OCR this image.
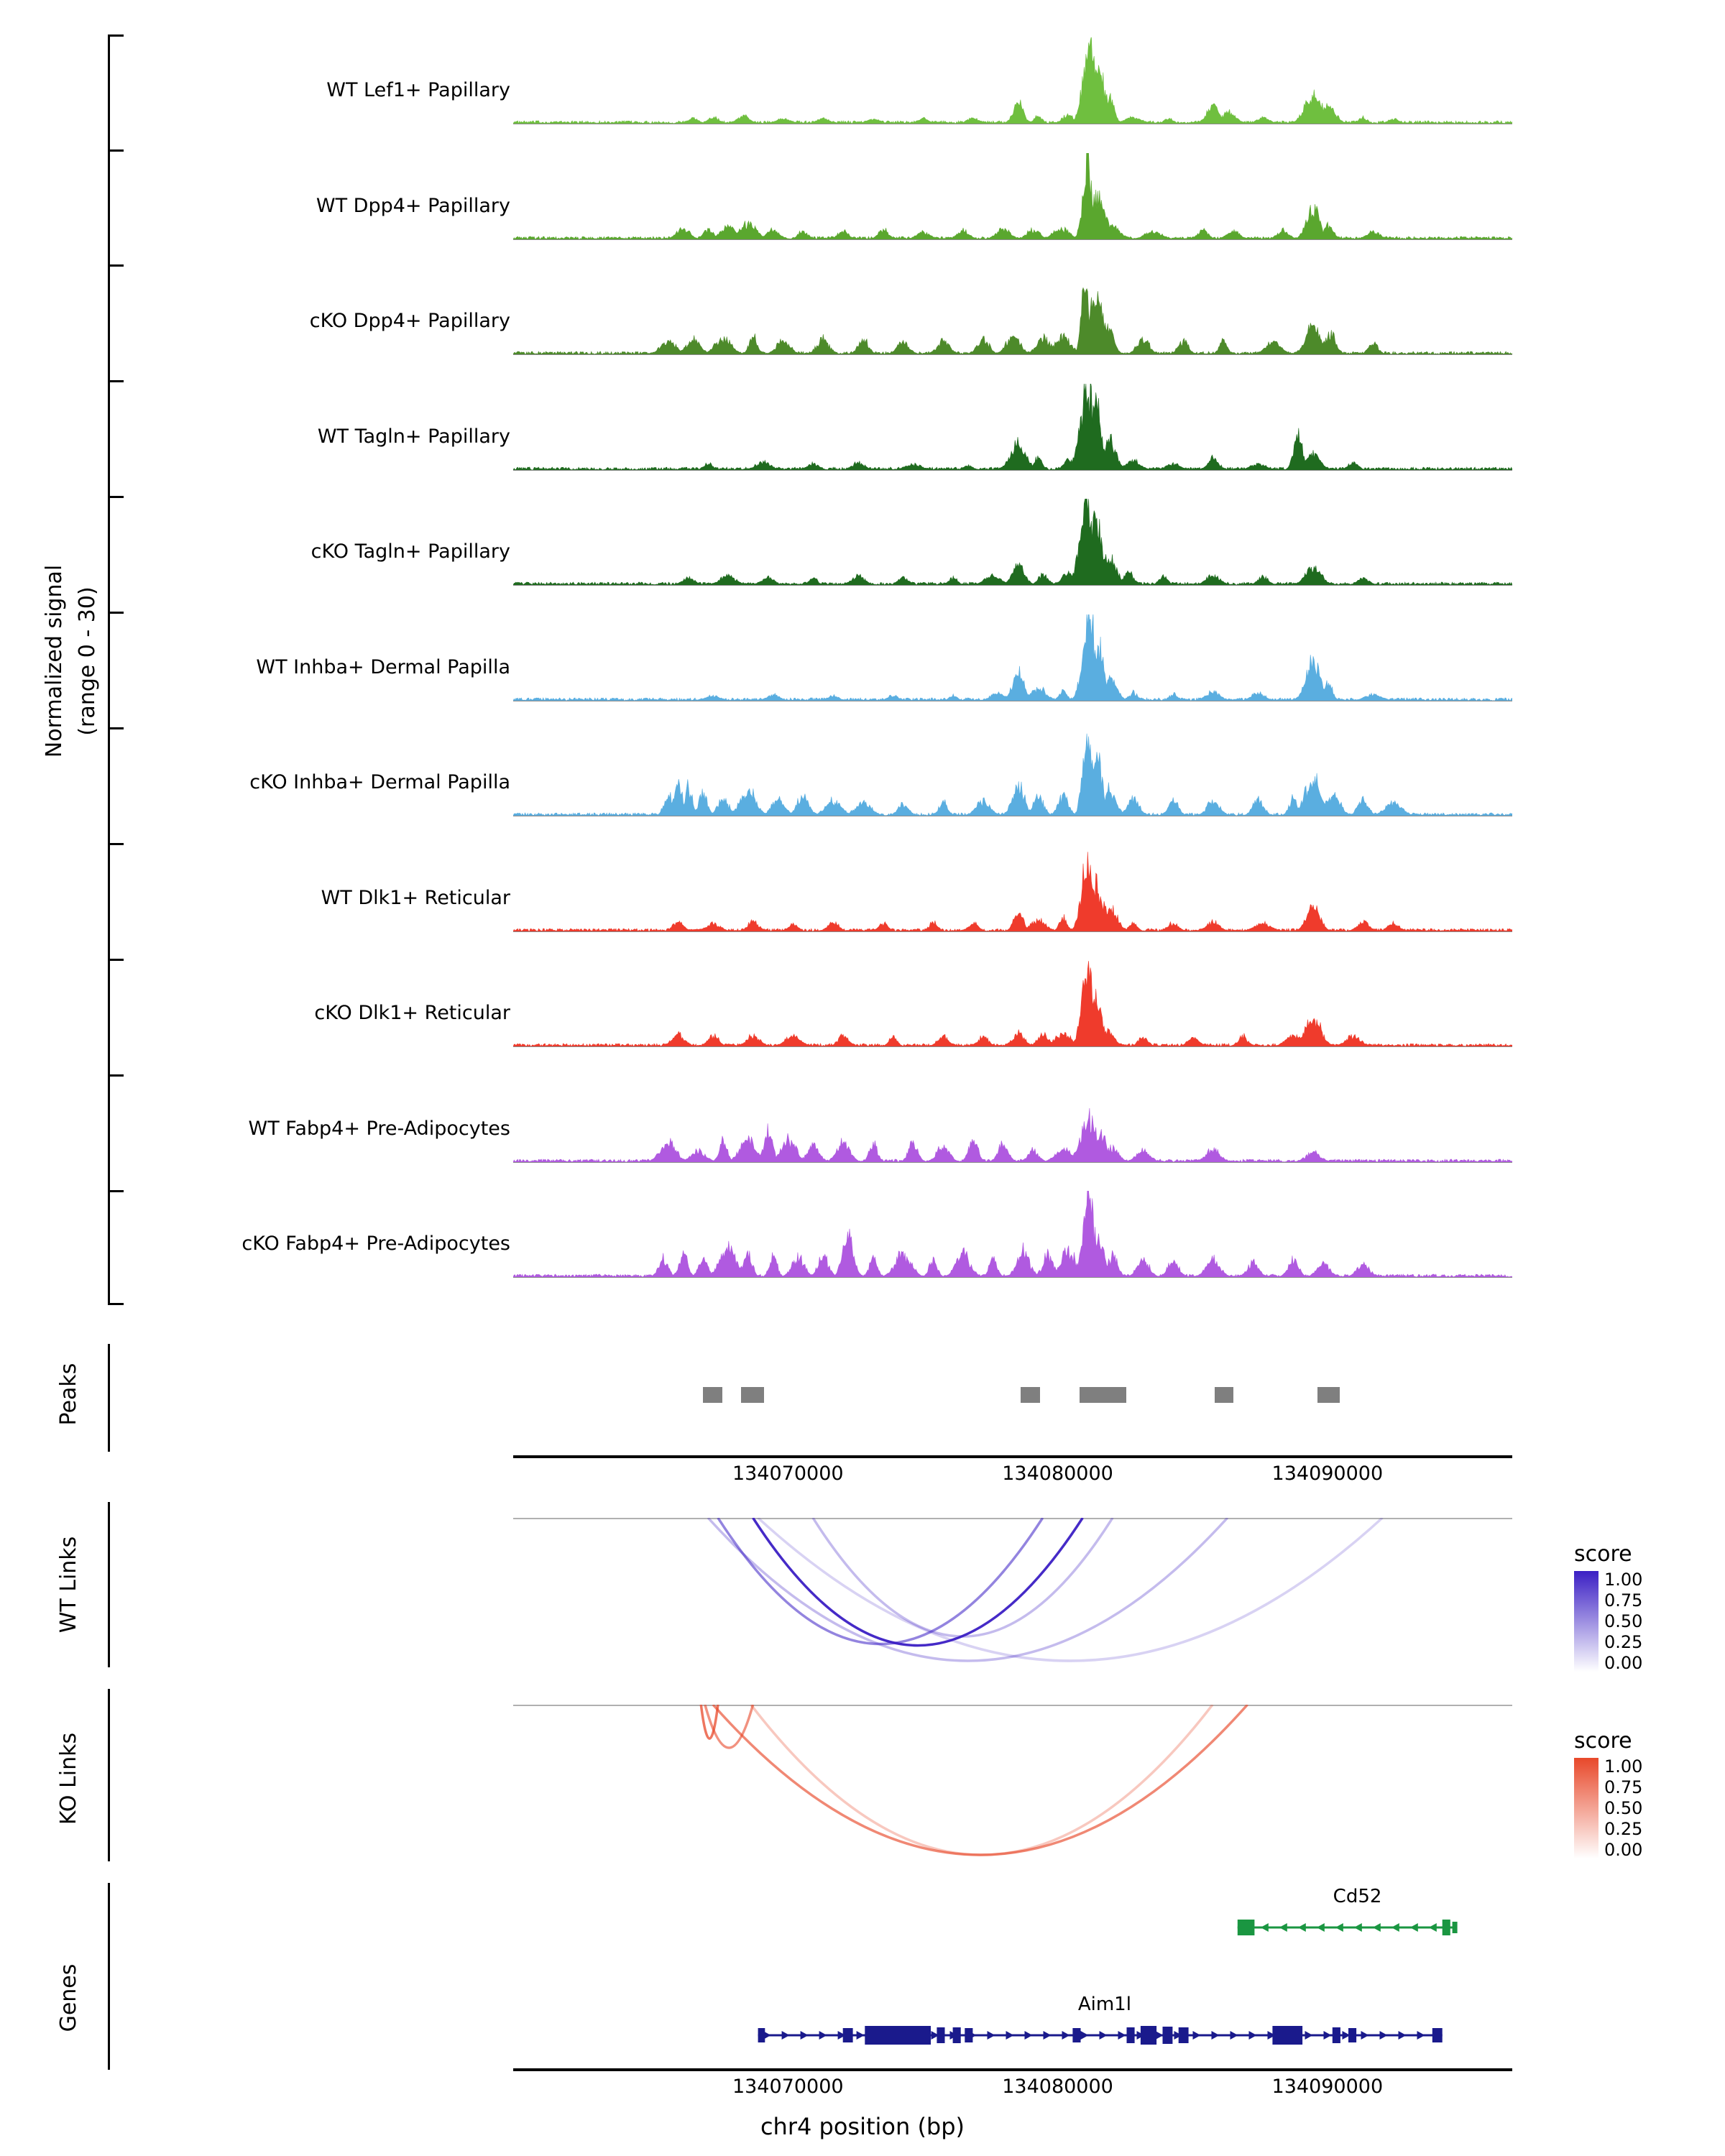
Normalized signal (range 0 - 30)
WT Lef1+ Papillary
WT Dpp4+ Papillary
cKO Dpp4+ Papillary
WT Tagln+ Papillary
cKO Tagln+ Papillary
WT Inhba+ Dermal Papilla
cKO Inhba+ Dermal Papilla
WT Dlk1+ Reticular
cKO Dlk1+ Reticular
WT Fabp4+ Pre-Adipocytes
cKO Fabp4+ Pre-Adipocytes
Peaks
134070000	134080000	134090000
WT Links	score
1.00
0.75
0.50
0.25
0.00
KO Links	score
1.00
0.75
0.50
0.25
0.00
Genes
Cd52
Aim1l
134070000	134080000	134090000
chr4 position (bp)
